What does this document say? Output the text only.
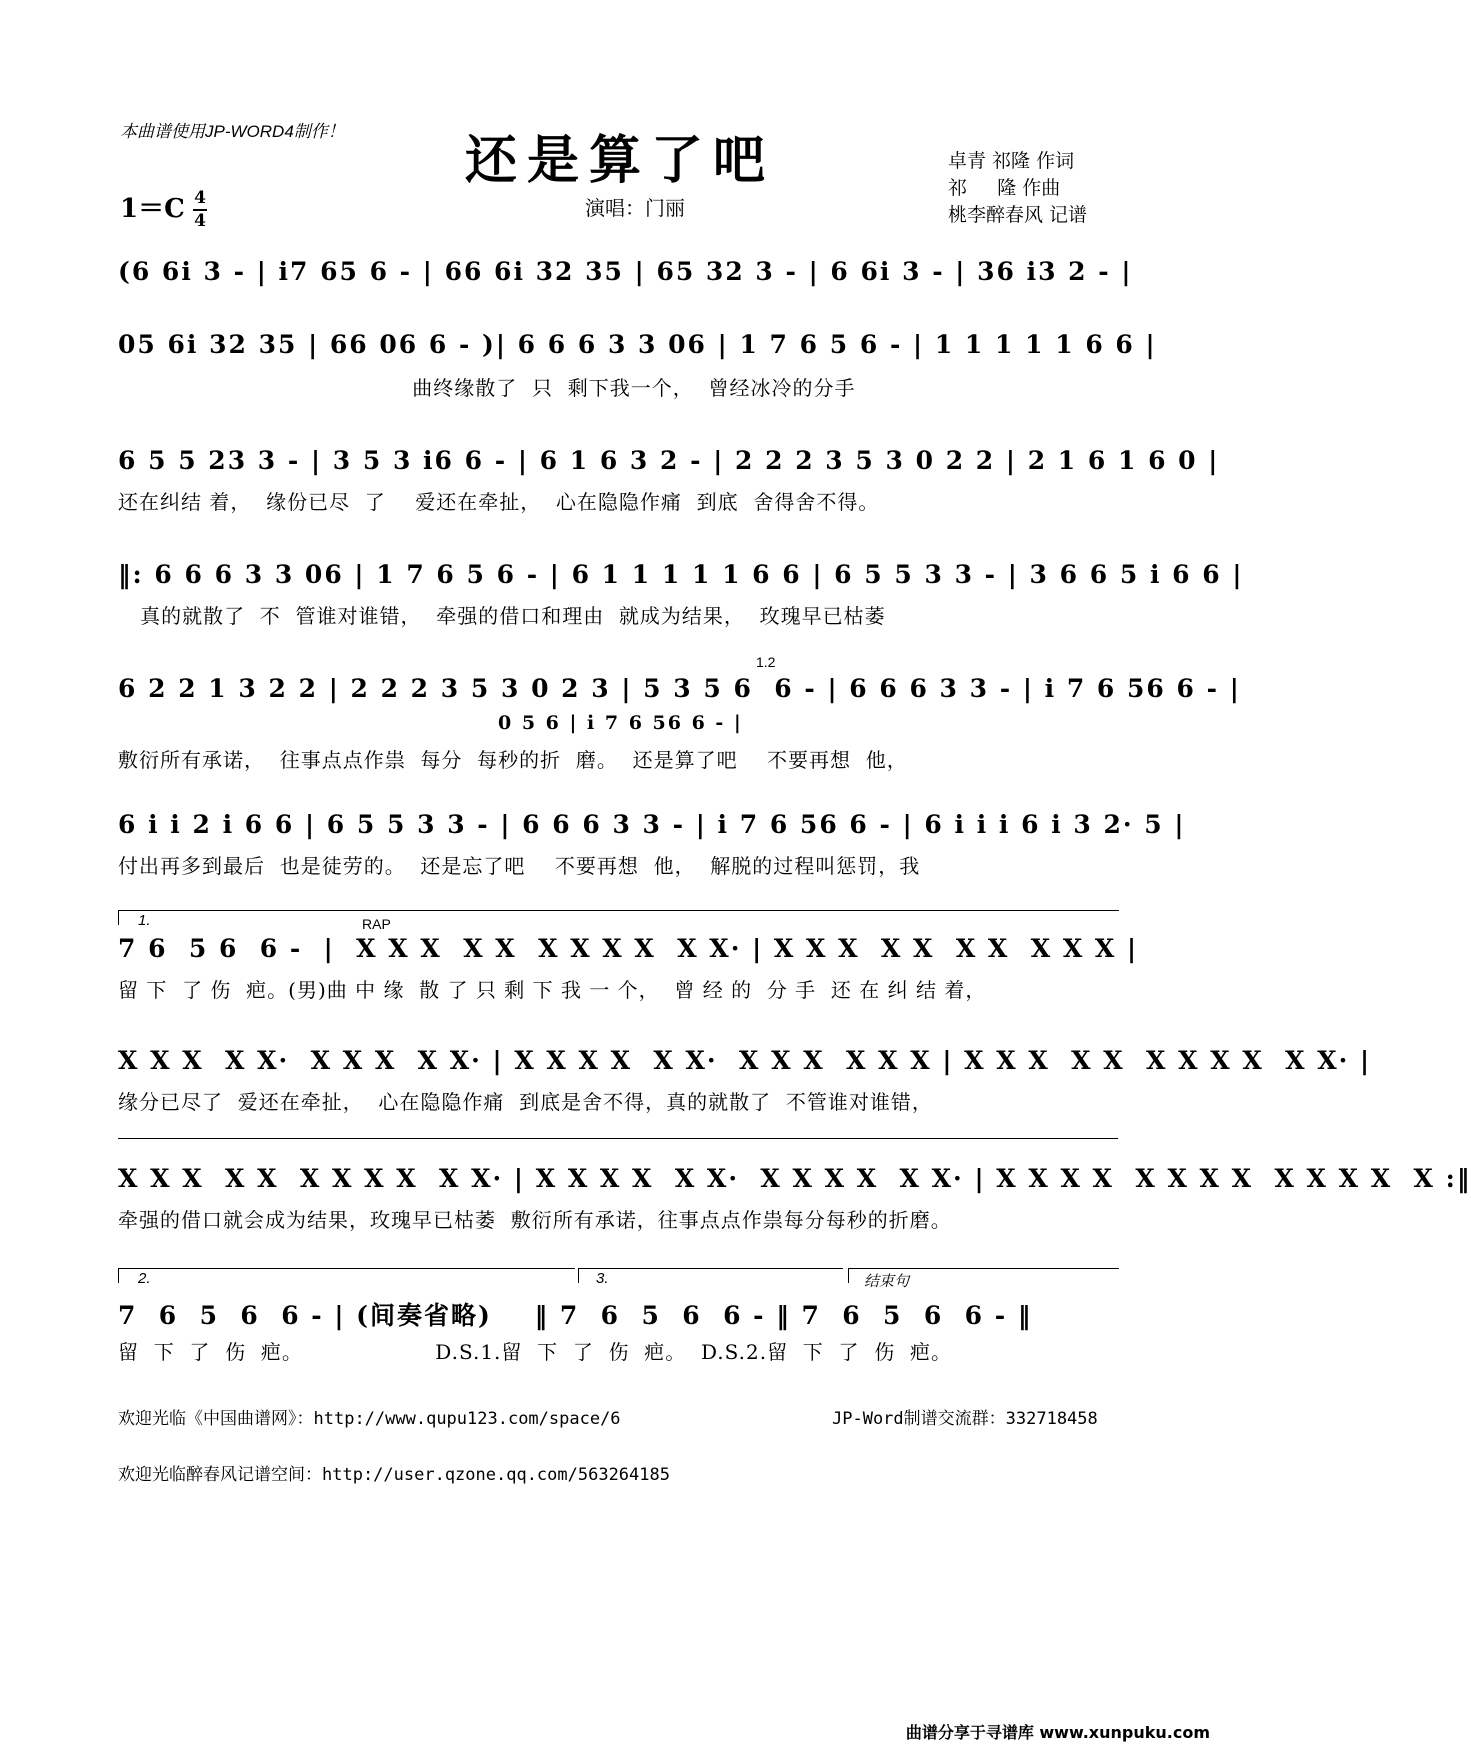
本曲谱使用JP-WORD4制作！	还是算了吧	卓青 祁隆 作词
祁     隆 作曲
桃李醉春风 记谱
1＝C 4
4
演唱：门丽
(6 6i 3 - | i7 65 6 - | 66 6i 32 35 | 65 32 3 - | 6 6i 3 - | 36 i3 2 - |
05 6i 32 35 | 66 06 6 - )| 6 6 6 3 3 06 | 1 7 6 5 6 - | 1 1 1 1 1 6 6 |
曲终缘散了  只  剩下我一个，  曾经冰冷的分手
6 5 5 23 3 - | 3 5 3 i6 6 - | 6 1 6 3 2 - | 2 2 2 3 5 3 0 2 2 | 2 1 6 1 6 0 |
还在纠结 着，  缘份已尽  了    爱还在牵扯，  心在隐隐作痛  到底  舍得舍不得。
‖: 6 6 6 3 3 06 | 1 7 6 5 6 - | 6 1 1 1 1 1 6 6 | 6 5 5 3 3 - | 3 6 6 5 i 6 6 |
真的就散了  不  管谁对谁错，  牵强的借口和理由  就成为结果，  玫瑰早已枯萎
1.2
6 2 2 1 3 2 2 | 2 2 2 3 5 3 0 2 3 | 5 3 5 6  6 - | 6 6 6 3 3 - | i 7 6 56 6 - |
0 5 6 | i 7 6 56 6 - |
敷衍所有承诺，  往事点点作祟  每分  每秒的折  磨。  还是算了吧    不要再想  他，
6 i i 2 i 6 6 | 6 5 5 3 3 - | 6 6 6 3 3 - | i 7 6 56 6 - | 6 i i i 6 i 3 2· 5 |
付出再多到最后  也是徒劳的。  还是忘了吧    不要再想  他，  解脱的过程叫惩罚，我
1.	RAP
7 6  5 6  6 -  |  X X X  X X  X X X X  X X· | X X X  X X  X X  X X X |
留 下  了 伤  疤。(男)曲 中 缘  散 了 只 剩 下 我 一 个，  曾 经 的  分 手  还 在 纠 结 着，
X X X  X X·  X X X  X X· | X X X X  X X·  X X X  X X X | X X X  X X  X X X X  X X· |
缘分已尽了  爱还在牵扯，  心在隐隐作痛  到底是舍不得，真的就散了  不管谁对谁错，
X X X  X X  X X X X  X X· | X X X X  X X·  X X X X  X X· | X X X X  X X X X  X X X X  X :‖
牵强的借口就会成为结果，玫瑰早已枯萎  敷衍所有承诺，往事点点作祟每分每秒的折磨。
2.	3.	结束句
7  6  5  6  6 - | (间奏省略)    ‖ 7  6  5  6  6 - ‖ 7  6  5  6  6 - ‖
留  下  了  伤  疤。                  D.S.1.留  下  了  伤  疤。  D.S.2.留  下  了  伤  疤。
欢迎光临《中国曲谱网》：http://www.qupu123.com/space/6	JP-Word制谱交流群：332718458
欢迎光临醉春风记谱空间：http://user.qzone.qq.com/563264185
曲谱分享于寻谱库 www.xunpuku.com
